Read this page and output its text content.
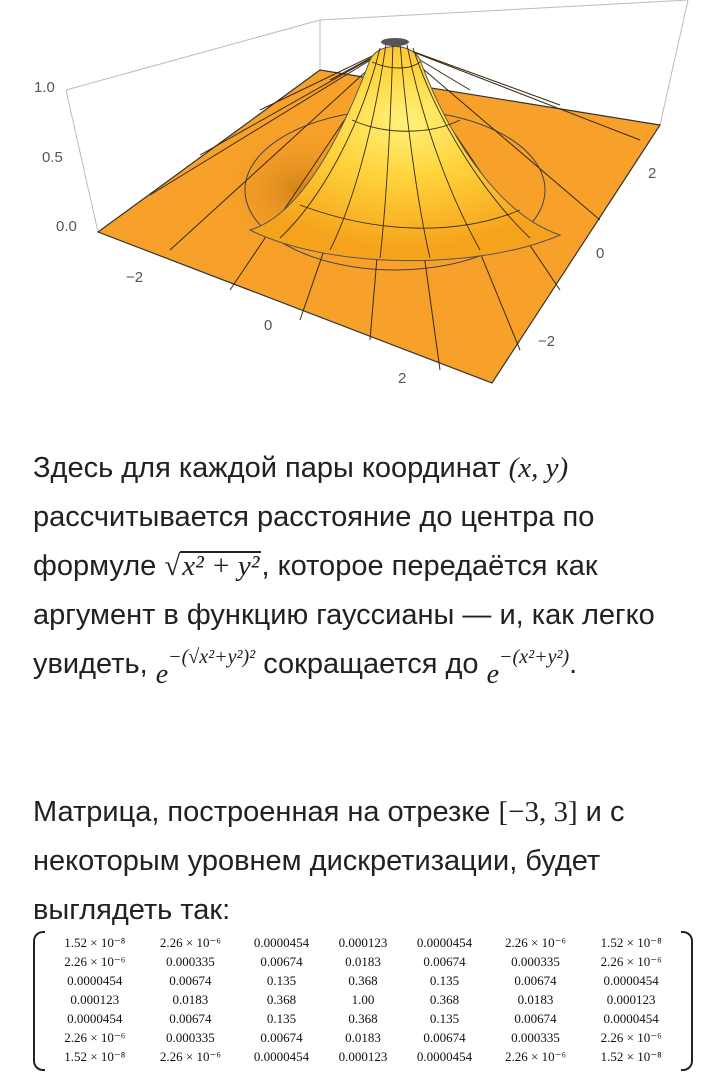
1.0
0.5
0.0
−2
0
2
2
0
−2

Здесь для каждой пары координат (x, y) рассчитывается расстояние до центра по формуле √x² + y², которое передаётся как аргумент в функцию гауссианы — и, как легко увидеть, $e^{-(√x^2+y^2)^2}$ сокращается до $e^{-(x^2+y^2)}$.

Матрица, построенная на отрезке [−3, 3] и с некоторым уровнем дискретизации, будет выглядеть так:

1.52 × 10⁻⁸	2.26 × 10⁻⁶	0.0000454	0.000123	0.0000454	2.26 × 10⁻⁶	1.52 × 10⁻⁸
2.26 × 10⁻⁶	0.000335	0.00674	0.0183	0.00674	0.000335	2.26 × 10⁻⁶
0.0000454	0.00674	0.135	0.368	0.135	0.00674	0.0000454
0.000123	0.0183	0.368	1.00	0.368	0.0183	0.000123
0.0000454	0.00674	0.135	0.368	0.135	0.00674	0.0000454
2.26 × 10⁻⁶	0.000335	0.00674	0.0183	0.00674	0.000335	2.26 × 10⁻⁶
1.52 × 10⁻⁸	2.26 × 10⁻⁶	0.0000454	0.000123	0.0000454	2.26 × 10⁻⁶	1.52 × 10⁻⁸
